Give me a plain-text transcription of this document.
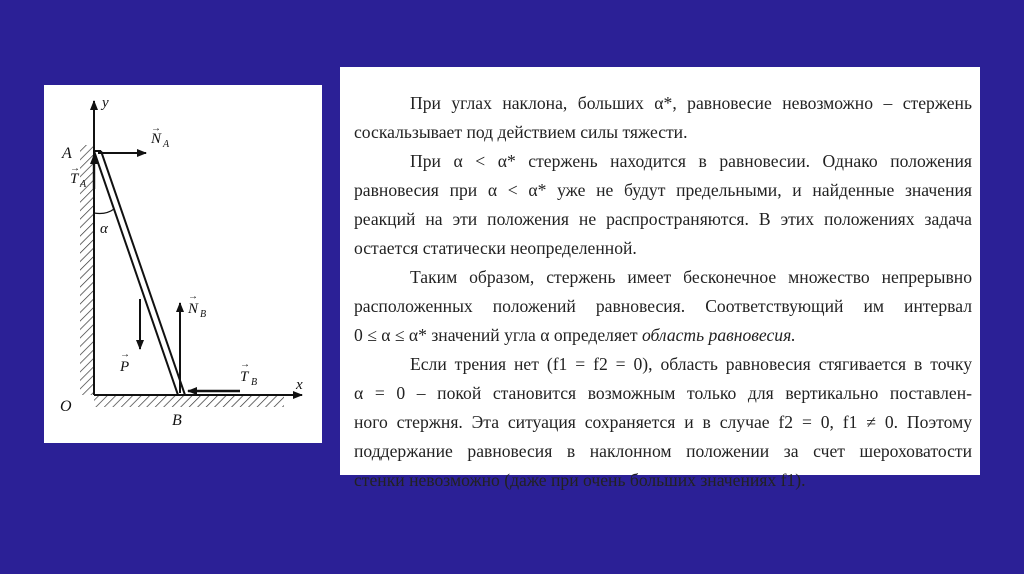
y
x
A
B
O
α
→
N A
→
T A
→
N B
→
P	→
T B
При углах наклона, больших α*, равновесие невозможно – стержень
соскальзывает под действием силы тяжести.
При α < α* стержень находится в равновесии. Однако положения
равновесия при α < α* уже не будут предельными, и найденные значения
реакций на эти положения не распространяются. В этих положениях задача
остается статически неопределенной.
Таким образом, стержень имеет бесконечное множество непрерывно
расположенных положений равновесия. Соответствующий им интервал
0 ≤ α ≤ α* значений угла α определяет область равновесия.
Если трения нет (f1 = f2 = 0), область равновесия стягивается в точку
α = 0 – покой становится возможным только для вертикально поставлен-
ного стержня. Эта ситуация сохраняется и в случае f2 = 0, f1 ≠ 0. Поэтому
поддержание равновесия в наклонном положении за счет шероховатости
стенки невозможно (даже при очень больших значениях f1).
